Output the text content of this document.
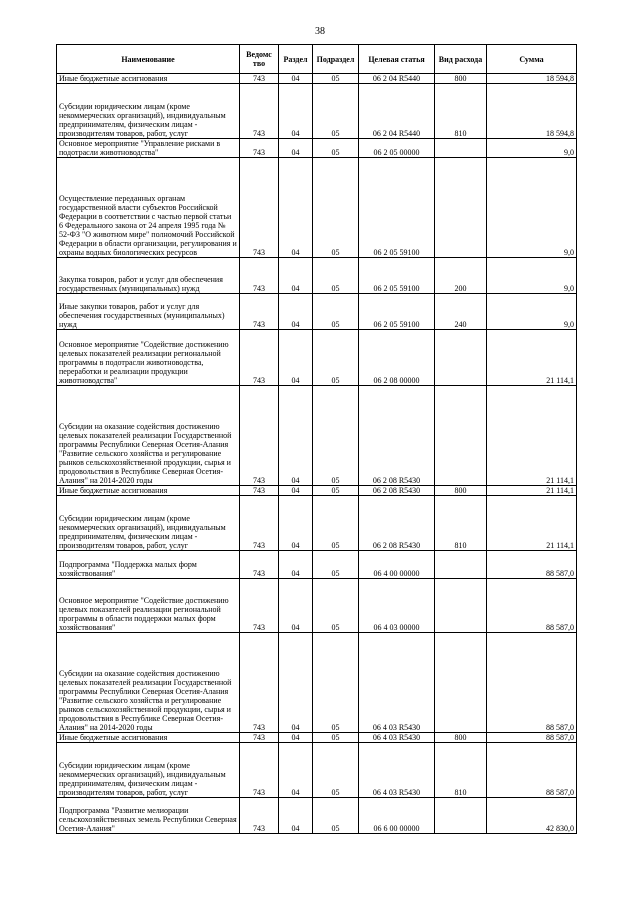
38
Наименование	Ведомс тво	Раздел	Подраздел	Целевая статья	Вид расхода	Сумма
Иные бюджетные ассигнования	743	04	05	06 2 04 R5440	800	18 594,8
Субсидии юридическим лицам (кроме некоммерческих организаций), индивидуальным предпринимателям, физическим лицам - производителям товаров, работ, услуг	743	04	05	06 2 04 R5440	810	18 594,8
Основное мероприятие "Управление рисками в подотрасли животноводства"	743	04	05	06 2 05 00000		9,0
Осуществление переданных органам государственной власти субъектов Российской Федерации в соответствии с частью первой статьи 6 Федерального закона от 24 апреля 1995 года № 52-ФЗ "О животном мире" полномочий Российской Федерации в области организации, регулирования и охраны водных биологических ресурсов	743	04	05	06 2 05 59100		9,0
Закупка товаров, работ и услуг для обеспечения государственных (муниципальных) нужд	743	04	05	06 2 05 59100	200	9,0
Иные закупки товаров, работ и услуг для обеспечения государственных (муниципальных) нужд	743	04	05	06 2 05 59100	240	9,0
Основное мероприятие "Содействие достижению целевых показателей реализации региональной программы в подотрасли животноводства, переработки и реализации продукции животноводства"	743	04	05	06 2 08 00000		21 114,1
Субсидии на оказание содействия достижению целевых показателей реализации Государственной программы Республики Северная Осетия-Алания "Развитие сельского хозяйства и регулирование рынков сельскохозяйственной продукции, сырья и продовольствия в Республике Северная Осетия-Алания" на 2014-2020 годы	743	04	05	06 2 08 R5430		21 114,1
Иные бюджетные ассигнования	743	04	05	06 2 08 R5430	800	21 114,1
Субсидии юридическим лицам (кроме некоммерческих организаций), индивидуальным предпринимателям, физическим лицам - производителям товаров, работ, услуг	743	04	05	06 2 08 R5430	810	21 114,1
Подпрограмма "Поддержка малых форм хозяйствования"	743	04	05	06 4 00 00000		88 587,0
Основное мероприятие "Содействие достижению целевых показателей реализации региональной программы в области поддержки малых форм хозяйствования"	743	04	05	06 4 03 00000		88 587,0
Субсидии на оказание содействия достижению целевых показателей реализации Государственной программы Республики Северная Осетия-Алания "Развитие сельского хозяйства и регулирование рынков сельскохозяйственной продукции, сырья и продовольствия в Республике Северная Осетия-Алания" на 2014-2020 годы	743	04	05	06 4 03 R5430		88 587,0
Иные бюджетные ассигнования	743	04	05	06 4 03 R5430	800	88 587,0
Субсидии юридическим лицам (кроме некоммерческих организаций), индивидуальным предпринимателям, физическим лицам - производителям товаров, работ, услуг	743	04	05	06 4 03 R5430	810	88 587,0
Подпрограмма "Развитие мелиорации сельскохозяйственных земель Республики Северная Осетия-Алания"	743	04	05	06 6 00 00000		42 830,0
